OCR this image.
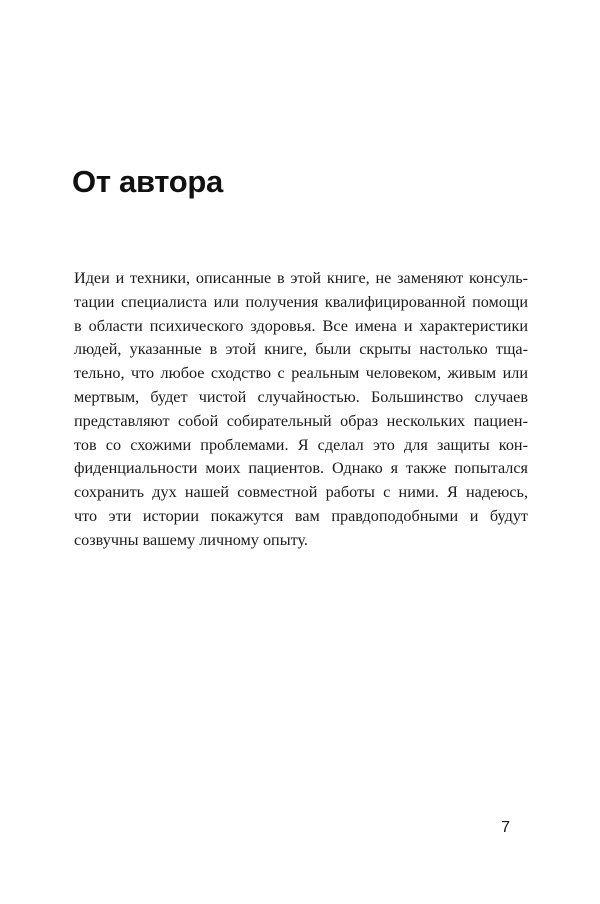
От автора
Идеи и техники, описанные в этой книге, не заменяют консуль-
тации специалиста или получения квалифицированной помощи
в области психического здоровья. Все имена и характеристики
людей, указанные в этой книге, были скрыты настолько тща-
тельно, что любое сходство с реальным человеком, живым или
мертвым, будет чистой случайностью. Большинство случаев
представляют собой собирательный образ нескольких пациен-
тов со схожими проблемами. Я сделал это для защиты кон-
фиденциальности моих пациентов. Однако я также попытался
сохранить дух нашей совместной работы с ними. Я надеюсь,
что эти истории покажутся вам правдоподобными и будут
созвучны вашему личному опыту.
7
